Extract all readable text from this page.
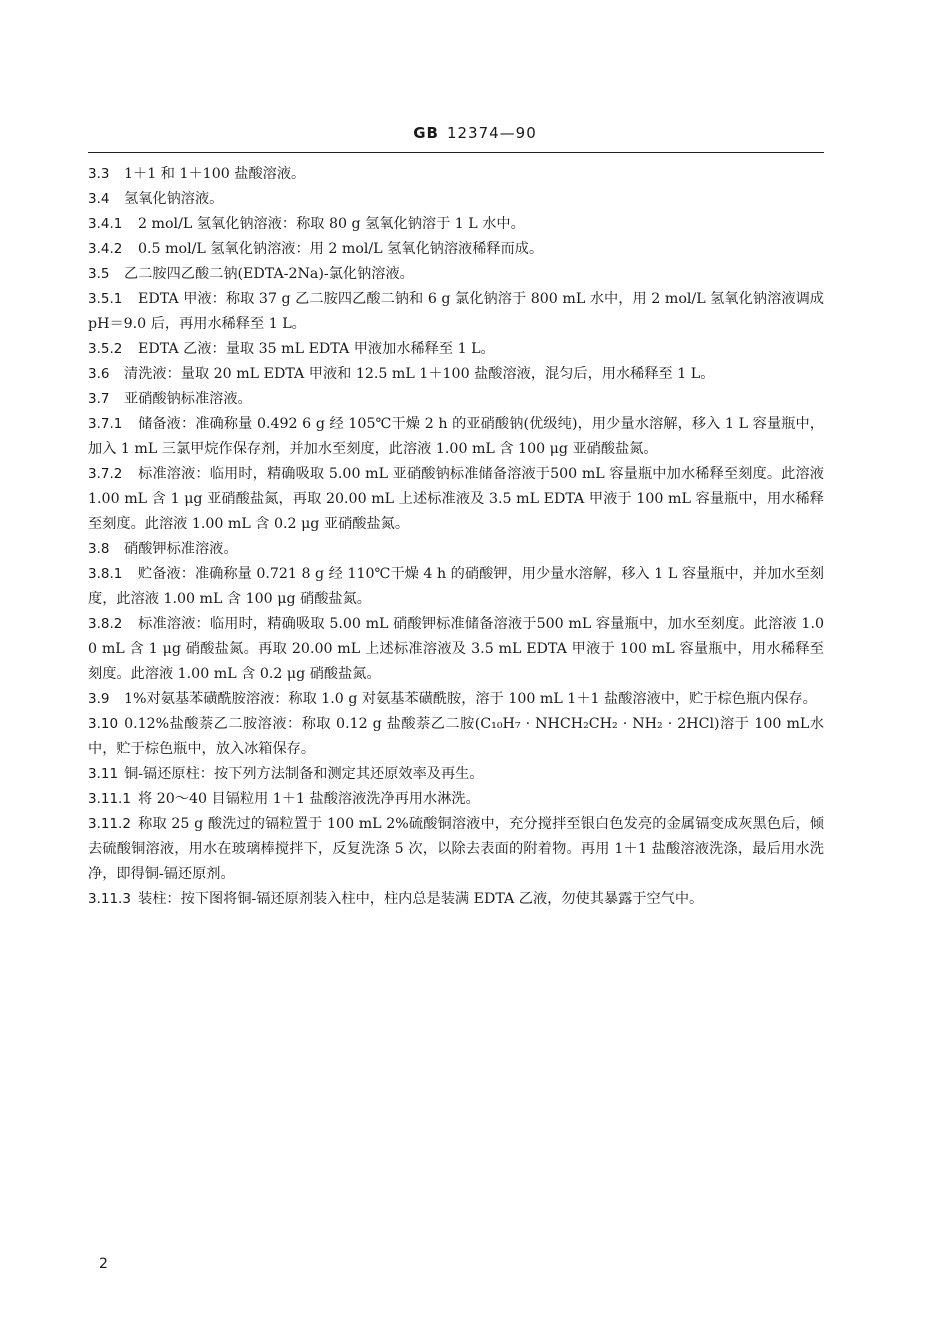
GB 12374—90

3.3 1＋1 和 1＋100 盐酸溶液。

3.4 氢氧化钠溶液。

3.4.1 2 mol/L 氢氧化钠溶液：称取 80 g 氢氧化钠溶于 1 L 水中。

3.4.2 0.5 mol/L 氢氧化钠溶液：用 2 mol/L 氢氧化钠溶液稀释而成。

3.5 乙二胺四乙酸二钠(EDTA-2Na)-氯化钠溶液。

3.5.1 EDTA 甲液：称取 37 g 乙二胺四乙酸二钠和 6 g 氯化钠溶于 800 mL 水中，用 2 mol/L 氢氧化钠溶液调成 pH＝9.0 后，再用水稀释至 1 L。

3.5.2 EDTA 乙液：量取 35 mL EDTA 甲液加水稀释至 1 L。

3.6 清洗液：量取 20 mL EDTA 甲液和 12.5 mL 1＋100 盐酸溶液，混匀后，用水稀释至 1 L。

3.7 亚硝酸钠标准溶液。

3.7.1 储备液：准确称量 0.492 6 g 经 105℃干燥 2 h 的亚硝酸钠(优级纯)，用少量水溶解，移入 1 L 容量瓶中，加入 1 mL 三氯甲烷作保存剂，并加水至刻度，此溶液 1.00 mL 含 100 μg 亚硝酸盐氮。

3.7.2 标准溶液：临用时，精确吸取 5.00 mL 亚硝酸钠标准储备溶液于500 mL 容量瓶中加水稀释至刻度。此溶液 1.00 mL 含 1 μg 亚硝酸盐氮，再取 20.00 mL 上述标准液及 3.5 mL EDTA 甲液于 100 mL 容量瓶中，用水稀释至刻度。此溶液 1.00 mL 含 0.2 μg 亚硝酸盐氮。

3.8 硝酸钾标准溶液。

3.8.1 贮备液：准确称量 0.721 8 g 经 110℃干燥 4 h 的硝酸钾，用少量水溶解，移入 1 L 容量瓶中，并加水至刻度，此溶液 1.00 mL 含 100 μg 硝酸盐氮。

3.8.2 标准溶液：临用时，精确吸取 5.00 mL 硝酸钾标准储备溶液于500 mL 容量瓶中，加水至刻度。此溶液 1.00 mL 含 1 μg 硝酸盐氮。再取 20.00 mL 上述标准溶液及 3.5 mL EDTA 甲液于 100 mL 容量瓶中，用水稀释至刻度。此溶液 1.00 mL 含 0.2 μg 硝酸盐氮。

3.9 1%对氨基苯磺酰胺溶液：称取 1.0 g 对氨基苯磺酰胺，溶于 100 mL 1＋1 盐酸溶液中，贮于棕色瓶内保存。

3.10 0.12%盐酸萘乙二胺溶液：称取 0.12 g 盐酸萘乙二胺(C₁₀H₇ · NHCH₂CH₂ · NH₂ · 2HCl)溶于 100 mL水中，贮于棕色瓶中，放入冰箱保存。

3.11 铜-镉还原柱：按下列方法制备和测定其还原效率及再生。

3.11.1 将 20～40 目镉粒用 1＋1 盐酸溶液洗净再用水淋洗。

3.11.2 称取 25 g 酸洗过的镉粒置于 100 mL 2%硫酸铜溶液中，充分搅拌至银白色发亮的金属镉变成灰黑色后，倾去硫酸铜溶液，用水在玻璃棒搅拌下，反复洗涤 5 次，以除去表面的附着物。再用 1＋1 盐酸溶液洗涤，最后用水洗净，即得铜-镉还原剂。

3.11.3 装柱：按下图将铜-镉还原剂装入柱中，柱内总是装满 EDTA 乙液，勿使其暴露于空气中。

2
